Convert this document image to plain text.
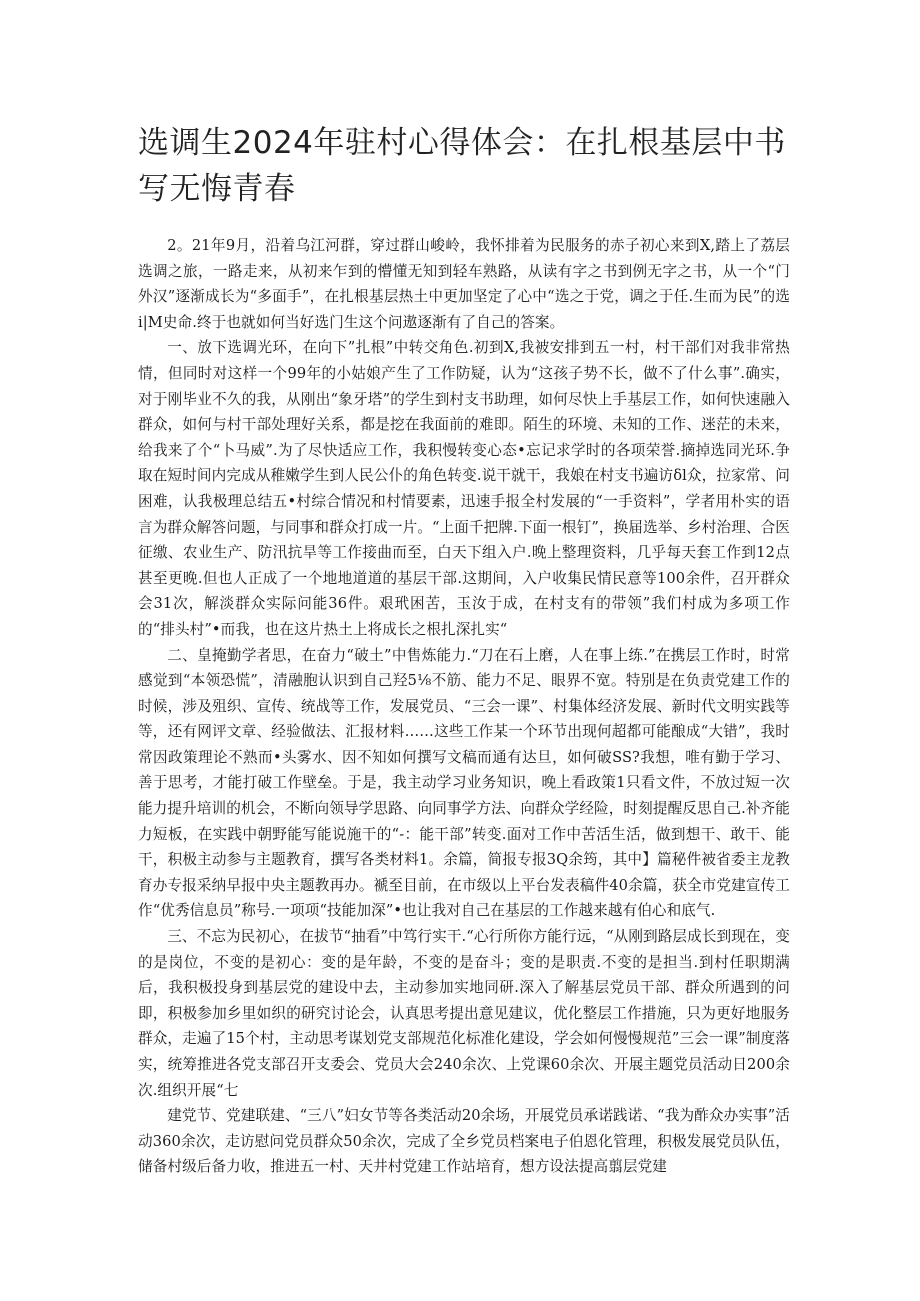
选调生2024年驻村心得体会：在扎根基层中书写无悔青春

2。21年9月，沿着乌江河群，穿过群山峻岭，我怀排着为民服务的赤子初心来到X,踏上了荔层选调之旅，一路走来，从初来乍到的懵懂无知到轻车熟路，从读有字之书到例无字之书，从一个“门外汉”逐渐成长为“多面手”，在扎根基层热土中更加坚定了心中“选之于党，调之于任.生而为民”的选i|M史命.终于也就如何当好选门生这个问遨逐渐有了自己的答案。

一、放下选调光环，在向下”扎根”中转交角色.初到X,我被安排到五一村，村干部们对我非常热情，但同时对这样一个99年的小姑娘产生了工作防疑，认为“这孩子势不长，做不了什么事”.确实，对于刚毕业不久的我，从刚出“象牙塔”的学生到村支书助理，如何尽快上手基层工作，如何快速融入群众，如何与村干部处理好关系，都是挖在我面前的难即。陌生的环境、未知的工作、迷茫的未来，给我来了个“卜马威”.为了尽快适应工作，我积慢转变心态•忘记求学时的各项荣誉.摘掉选同光环.争取在短时间内完成从稚嫩学生到人民公仆的角色转变.说干就干，我娘在村支书遍访δl众，拉家常、问困难，认我极理总结五•村综合情况和村情要素，迅速手报全村发展的“一手资料”，学者用朴实的语言为群众解答问题，与同事和群众打成一片。“上面千把牌.下面一根钉”，换届选举、乡村治理、合医征缴、农业生产、防汛抗旱等工作接曲而至，白天下组入户.晚上整理资料，几乎每天套工作到12点甚至更晚.但也人正成了一个地地道道的基层干部.这期间，入户收集民情民意等100余件，召开群众会31次，解淡群众实际问能36件。艰玳困苦，玉汝于成，在村支有的带领”我们村成为多项工作的“排头村”•而我，也在这片热土上将成长之根扎深扎实“

二、皇掩勤学者思，在奋力“破土”中售炼能力.“刀在石上磨，人在事上练.”在携层工作时，时常感觉到“本领恐慌”，清融胞认识到自己羟5⅛不筋、能力不足、眼界不宽。特别是在负责党建工作的时候，涉及殂织、宣传、统战等工作，发展党员、“三会一课”、村集体经济发展、新时代文明实践等等，还有网评文章、经验做法、汇报材料……这些工作某一个环节出现何超都可能酿成“大错”，我时常因政策理论不熟而•头雾水、因不知如何撰写文稿而通有达旦，如何破SS?我想，唯有勤于学习、善于思考，才能打破工作壁垒。于是，我主动学习业务知识，晚上看政策1只看文件，不放过短一次能力提升培训的机会，不断向领导学思路、向同事学方法、向群众学经险，时刻提醒反思自己.补齐能力短板，在实践中朝野能写能说施干的“-：能干部”转变.面对工作中苦活生活，做到想干、敢干、能干，积极主动参与主题教育，撰写各类材料1。余篇，简报专报3Q余筠，其中】篇秘件被省委主龙教育办专报采纳早报中央主题教再办。褫至目前，在市级以上平台发表稿件40余篇，获全市党建宣传工作“优秀信息员”称号.一项项“技能加深”•也让我对自己在基层的工作越来越有伯心和底气.

三、不忘为民初心，在拔节“抽看”中笃行实干.“心行所你方能行远，“从刚到路层成长到现在，变的是岗位，不变的是初心：变的是年龄，不变的是奋斗；变的是职责.不变的是担当.到村任职期满后，我积极投身到基层党的建设中去，主动参加实地同研.深入了解基层党员干部、群众所遇到的问即，积极参加乡里如织的研究讨论会，认真思考提出意见建议，优化整层工作措施，只为更好地服务群众，走遍了15个村，主动思考谋划党支部规范化标准化建设，学会如何慢慢规范”三会一课”制度落实，统筹推进各党支部召开支委会、党员大会240余次、上党课60余次、开展主题党员活动日200余次.组织开展“七

建党节、党建联建、“三八”妇女节等各类活动20余场，开展党员承诺践诺、“我为酢众办实事”活动360余次，走访慰问党员群众50余次，完成了全乡党员档案电子伯恩化管理，积极发展党员队伍，储备村级后备力收，推进五一村、天井村党建工作站培育，想方设法提高翦层党建
